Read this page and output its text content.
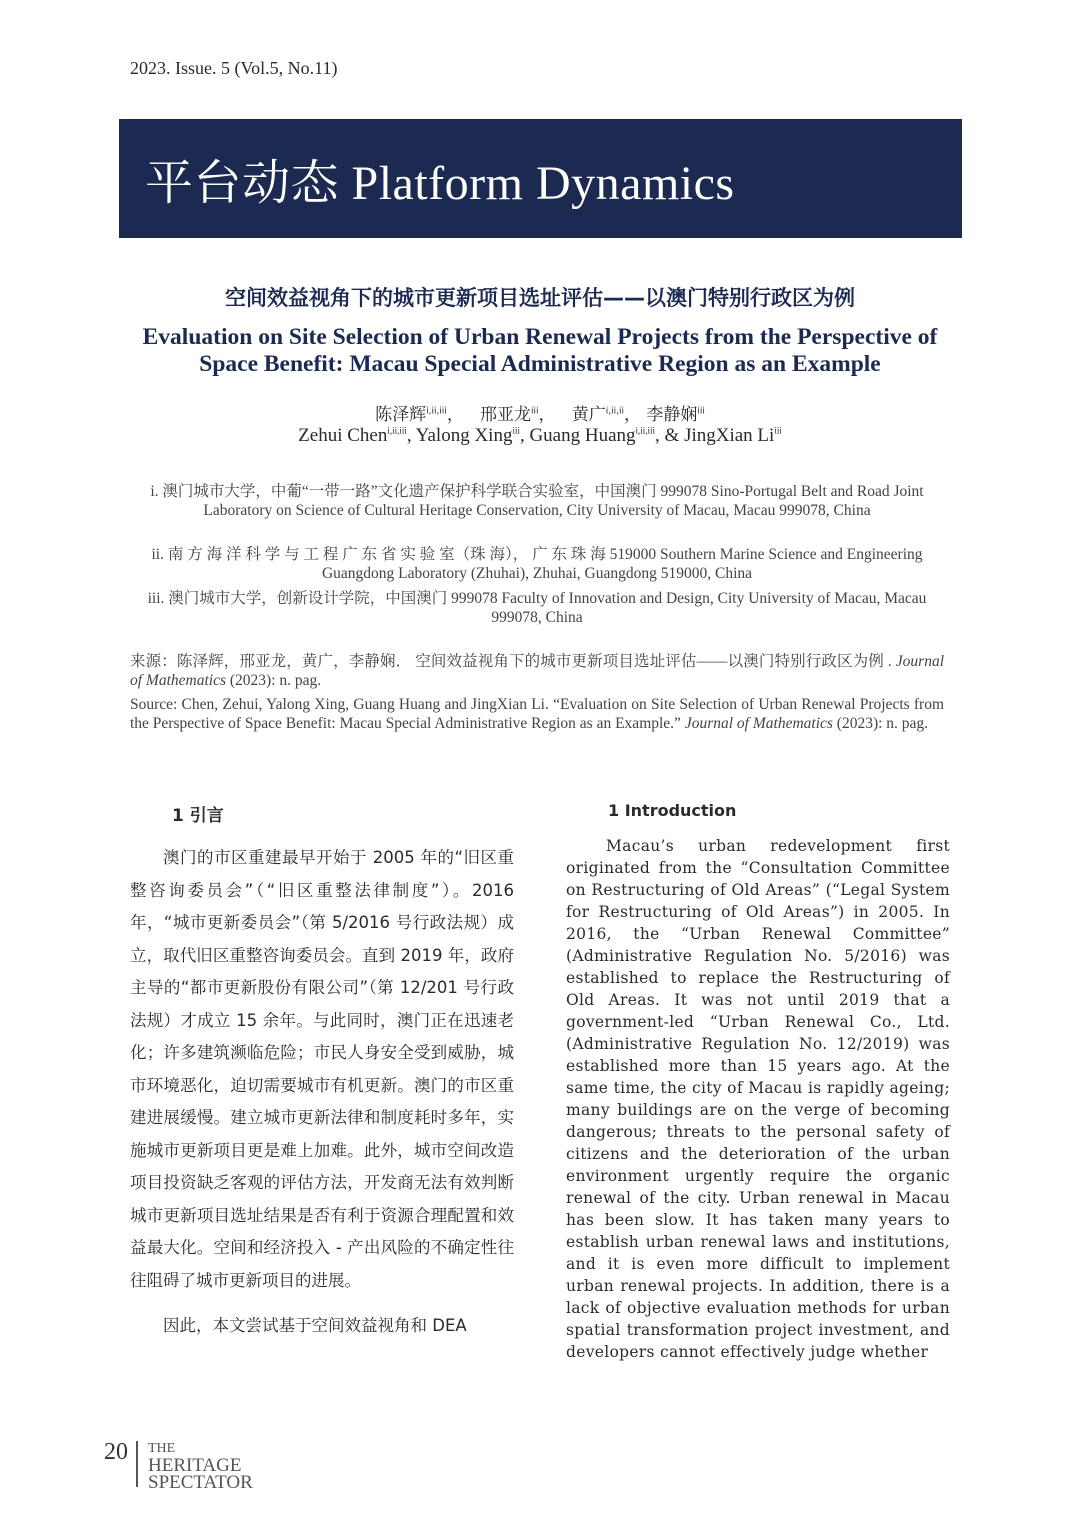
2023. Issue. 5 (Vol.5, No.11)
平台动态 Platform Dynamics
空间效益视角下的城市更新项目选址评估——以澳门特别行政区为例
Evaluation on Site Selection of Urban Renewal Projects from the Perspective of
Space Benefit: Macau Special Administrative Region as an Example
陈泽辉$^{i,ii,iii}$， 邢亚龙$^{iii}$， 黄广$^{i,ii,ii}$， 李静娴$^{iii}$
Zehui Chen$^{i,ii,iii}$, Yalong Xing$^{iii}$, Guang Huang$^{i,ii,iii}$, & JingXian Li$^{iii}$
i. 澳门城市大学，中葡“一带一路”文化遗产保护科学联合实验室，中国澳门 999078 Sino-Portugal Belt and Road Joint Laboratory on Science of Cultural Heritage Conservation, City University of Macau, Macau 999078, China
ii. 南 方 海 洋 科 学 与 工 程 广 东 省 实 验 室（珠 海）， 广 东 珠 海 519000 Southern Marine Science and Engineering Guangdong Laboratory (Zhuhai), Zhuhai, Guangdong 519000, China
iii. 澳门城市大学，创新设计学院，中国澳门 999078 Faculty of Innovation and Design, City University of Macau, Macau 999078, China
来源：陈泽辉，邢亚龙，黄广，李静娴． 空间效益视角下的城市更新项目选址评估——以澳门特别行政区为例 . Journal of Mathematics (2023): n. pag.
Source: Chen, Zehui, Yalong Xing, Guang Huang and JingXian Li. “Evaluation on Site Selection of Urban Renewal Projects from the Perspective of Space Benefit: Macau Special Administrative Region as an Example.” Journal of Mathematics (2023): n. pag.
1 引言	1 Introduction

澳门的市区重建最早开始于 2005 年的“旧区重整咨询委员会”（“旧区重整法律制度”）。2016 年，“城市更新委员会”（第 5/2016 号行政法规）成立，取代旧区重整咨询委员会。直到 2019 年，政府主导的“都市更新股份有限公司”（第 12/201 号行政法规）才成立 15 余年。与此同时，澳门正在迅速老化；许多建筑濒临危险；市民人身安全受到威胁，城市环境恶化，迫切需要城市有机更新。澳门的市区重建进展缓慢。建立城市更新法律和制度耗时多年，实施城市更新项目更是难上加难。此外，城市空间改造项目投资缺乏客观的评估方法，开发商无法有效判断城市更新项目选址结果是否有利于资源合理配置和效益最大化。空间和经济投入 - 产出风险的不确定性往往阻碍了城市更新项目的进展。

因此，本文尝试基于空间效益视角和 DEA

Macau’s urban redevelopment first originated from the “Consultation Committee on Restructuring of Old Areas” (“Legal System for Restructuring of Old Areas”) in 2005. In 2016, the “Urban Renewal Committee” (Administrative Regulation No. 5/2016) was established to replace the Restructuring of Old Areas. It was not until 2019 that a government-led “Urban Renewal Co., Ltd. (Administrative Regulation No. 12/2019) was established more than 15 years ago. At the same time, the city of Macau is rapidly ageing; many buildings are on the verge of becoming dangerous; threats to the personal safety of citizens and the deterioration of the urban environment urgently require the organic renewal of the city. Urban renewal in Macau has been slow. It has taken many years to establish urban renewal laws and institutions, and it is even more difficult to implement urban renewal projects. In addition, there is a lack of objective evaluation methods for urban spatial transformation project investment, and developers cannot effectively judge whether

20 THE
HERITAGE
SPECTATOR
